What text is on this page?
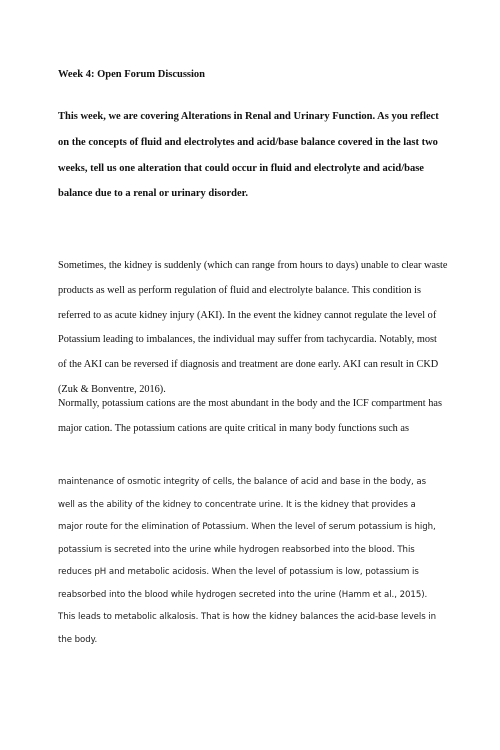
Week 4: Open Forum Discussion

This week, we are covering Alterations in Renal and Urinary Function. As you reflect on the concepts of fluid and electrolytes and acid/base balance covered in the last two weeks, tell us one alteration that could occur in fluid and electrolyte and acid/base balance due to a renal or urinary disorder.

Sometimes, the kidney is suddenly (which can range from hours to days) unable to clear waste products as well as perform regulation of fluid and electrolyte balance. This condition is referred to as acute kidney injury (AKI). In the event the kidney cannot regulate the level of Potassium leading to imbalances, the individual may suffer from tachycardia. Notably, most of the AKI can be reversed if diagnosis and treatment are done early. AKI can result in CKD (Zuk & Bonventre, 2016).

Normally, potassium cations are the most abundant in the body and the ICF compartment has major cation. The potassium cations are quite critical in many body functions such as

maintenance of osmotic integrity of cells, the balance of acid and base in the body, as well as the ability of the kidney to concentrate urine. It is the kidney that provides a major route for the elimination of Potassium. When the level of serum potassium is high, potassium is secreted into the urine while hydrogen reabsorbed into the blood. This reduces pH and metabolic acidosis. When the level of potassium is low, potassium is reabsorbed into the blood while hydrogen secreted into the urine (Hamm et al., 2015). This leads to metabolic alkalosis. That is how the kidney balances the acid-base levels in the body.
